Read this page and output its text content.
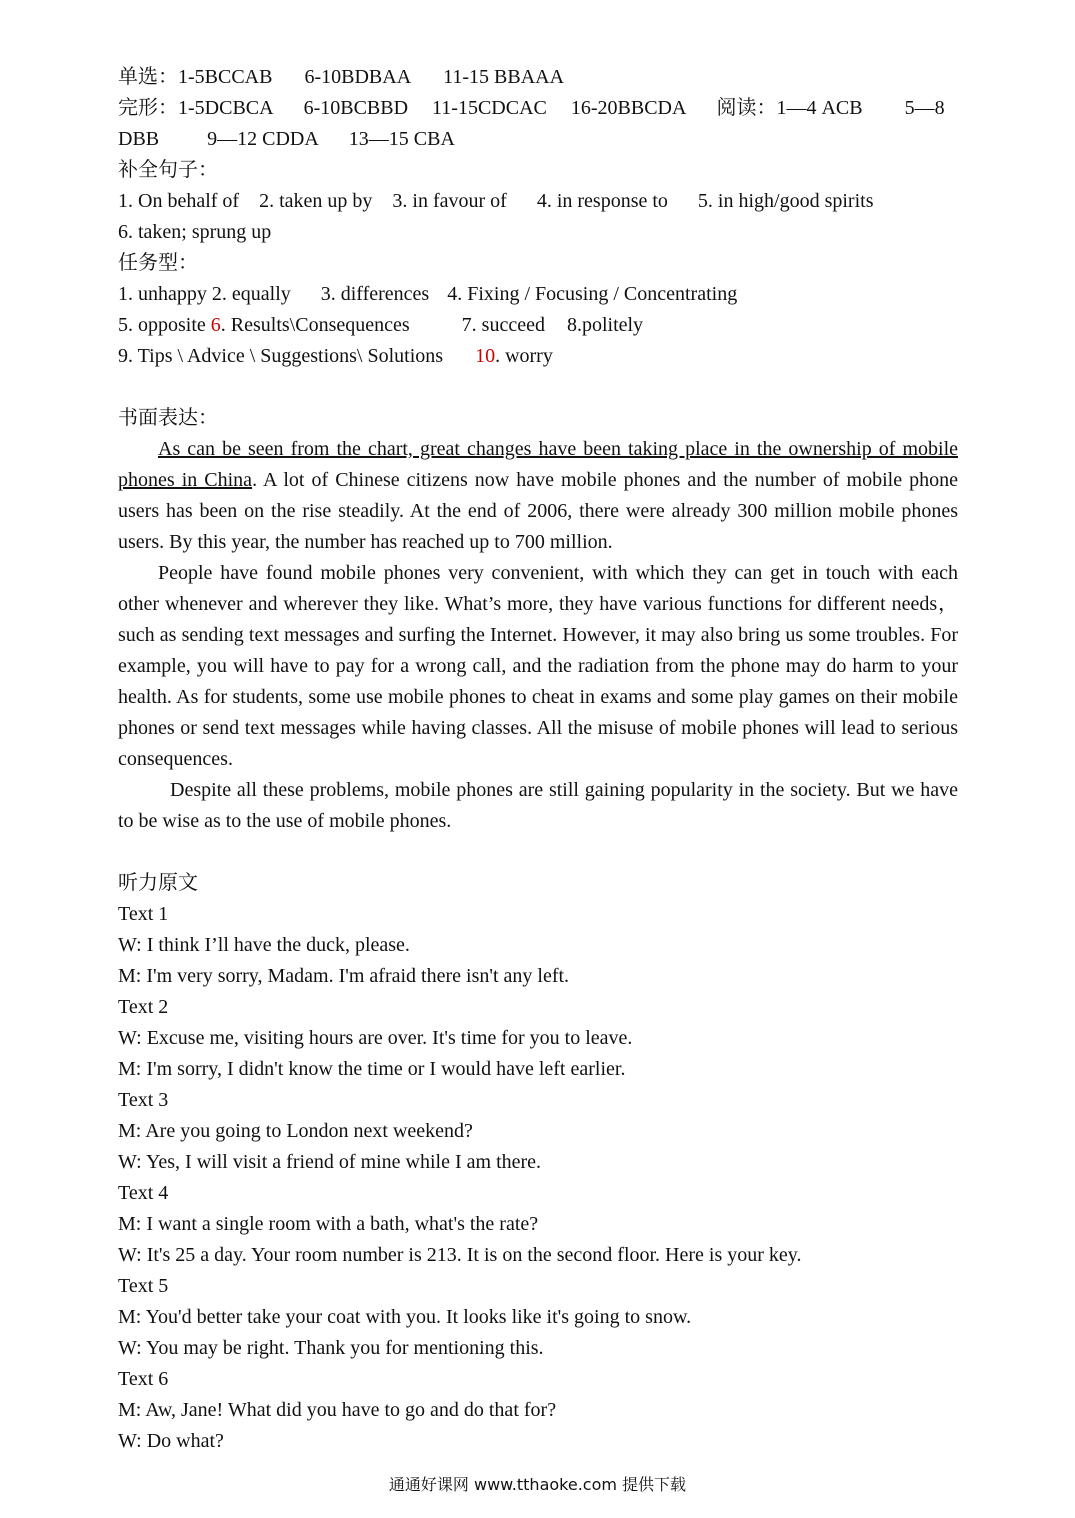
单选：1-5BCCAB 6-10BDBAA 11-15 BBAAA
完形：1-5DCBCA 6-10BCBBD 11-15CDCAC 16-20BBCDA 阅读：1—4 ACB 5—8
DBB 9—12 CDDA 13—15 CBA
补全句子：
1. On behalf of 2. taken up by 3. in favour of 4. in response to 5. in high/good spirits
6. taken; sprung up
任务型：
1. unhappy 2. equally 3. differences 4. Fixing / Focusing / Concentrating
5. opposite 6. Results\Consequences	7. succeed 8.politely
9. Tips \ Advice \ Suggestions\ Solutions 10. worry
书面表达：
As can be seen from the chart, great changes have been taking place in the ownership of mobile phones in China. A lot of Chinese citizens now have mobile phones and the number of mobile phone users has been on the rise steadily. At the end of 2006, there were already 300 million mobile phones users. By this year, the number has reached up to 700 million.
People have found mobile phones very convenient, with which they can get in touch with each other whenever and wherever they like. What’s more, they have various functions for different needs，such as sending text messages and surfing the Internet. However, it may also bring us some troubles. For example, you will have to pay for a wrong call, and the radiation from the phone may do harm to your health. As for students, some use mobile phones to cheat in exams and some play games on their mobile phones or send text messages while having classes. All the misuse of mobile phones will lead to serious consequences.
Despite all these problems, mobile phones are still gaining popularity in the society. But we have to be wise as to the use of mobile phones.
听力原文
Text 1
W: I think I’ll have the duck, please.
M: I'm very sorry, Madam. I'm afraid there isn't any left.
Text 2
W: Excuse me, visiting hours are over. It's time for you to leave.
M: I'm sorry, I didn't know the time or I would have left earlier.
Text 3
M: Are you going to London next weekend?
W: Yes, I will visit a friend of mine while I am there.
Text 4
M: I want a single room with a bath, what's the rate?
W: It's 25 a day. Your room number is 213. It is on the second floor. Here is your key.
Text 5
M: You'd better take your coat with you. It looks like it's going to snow.
W: You may be right. Thank you for mentioning this.
Text 6
M: Aw, Jane! What did you have to go and do that for?
W: Do what?
通通好课网 www.tthaoke.com 提供下载
